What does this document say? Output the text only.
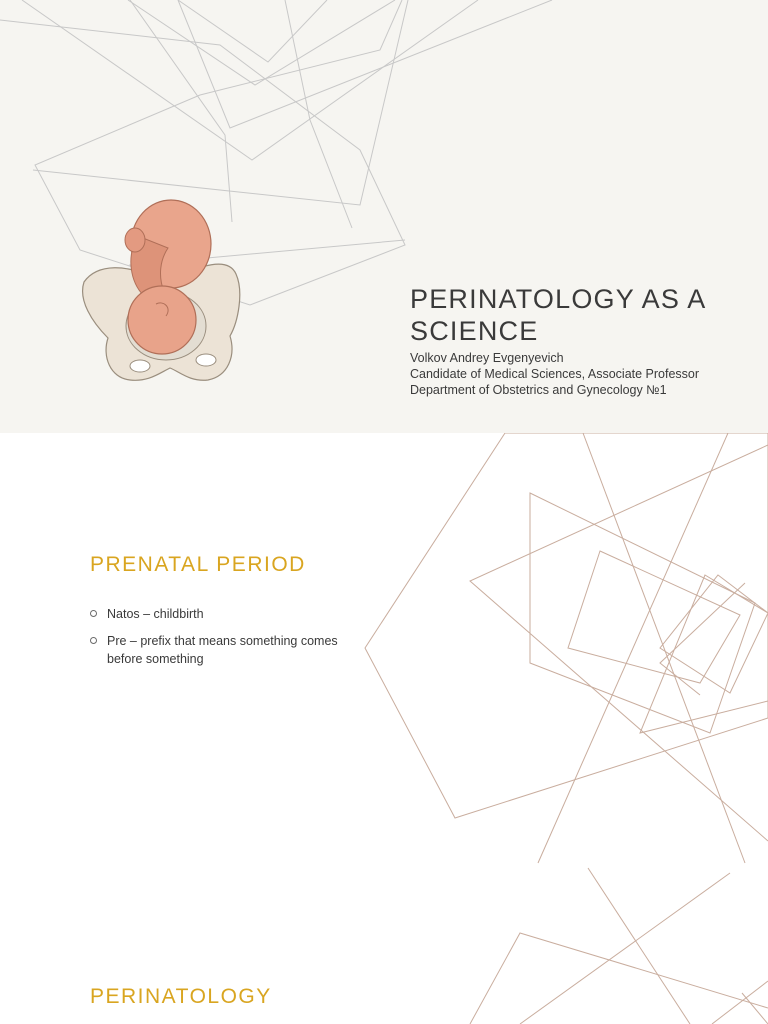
PERINATOLOGY AS A SCIENCE
Volkov Andrey Evgenyevich
Candidate of Medical Sciences, Associate Professor
Department of Obstetrics and Gynecology №1
PRENATAL PERIOD
Natos – childbirth
Pre – prefix that means something comes before something
PERINATOLOGY
